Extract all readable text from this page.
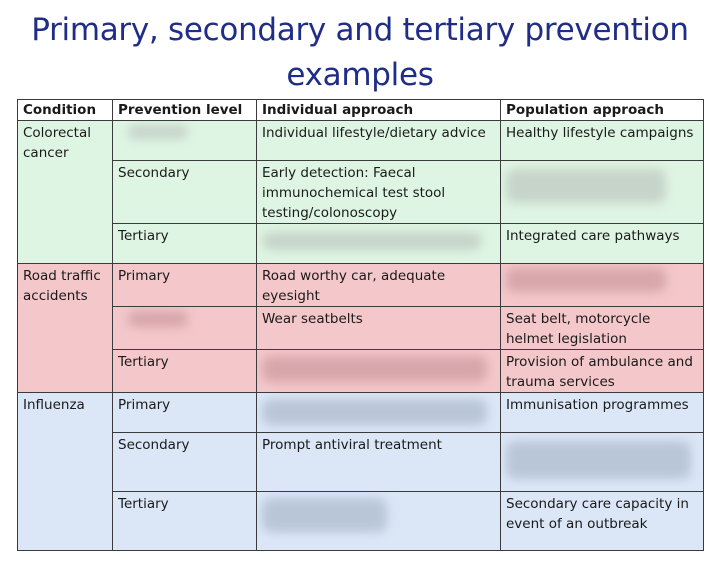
Primary, secondary and tertiary prevention
examples
Condition	Prevention level	Individual approach	Population approach
Colorectal cancer		Individual lifestyle/dietary advice	Healthy lifestyle campaigns
	Secondary	Early detection: Faecal immunochemical test stool testing/colonoscopy	

	Tertiary		Integrated care pathways
Road traffic accidents	Primary	Road worthy car, adequate eyesight	

		Wear seatbelts	Seat belt, motorcycle helmet legislation
	Tertiary		Provision of ambulance and trauma services
Influenza	Primary		Immunisation programmes
	Secondary	Prompt antiviral treatment	

	Tertiary		Secondary care capacity in event of an outbreak
